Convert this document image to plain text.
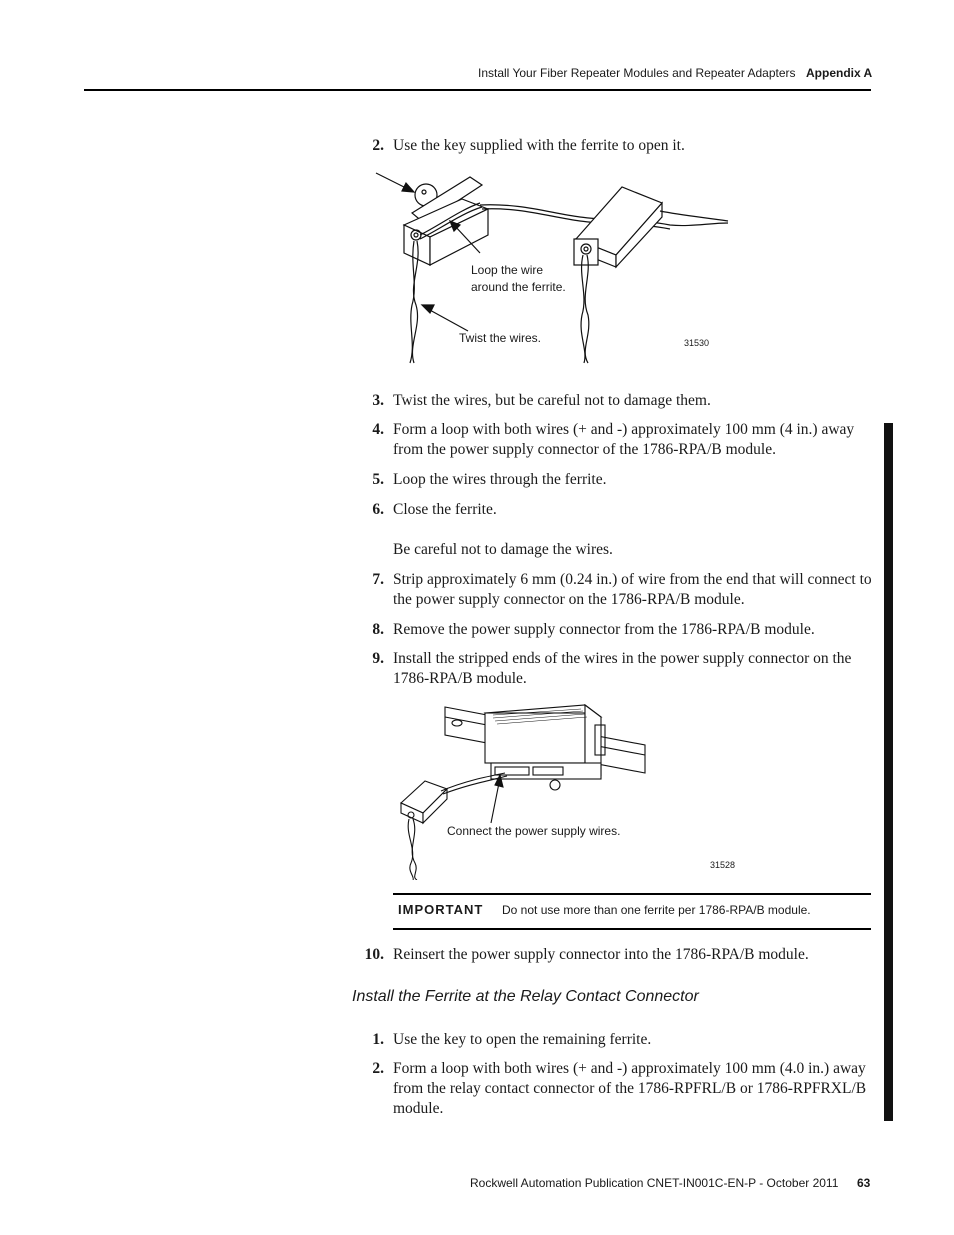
Install Your Fiber Repeater Modules and Repeater Adapters Appendix A
2. Use the key supplied with the ferrite to open it.
Loop the wire around the ferrite.
Twist the wires.	31530
3. Twist the wires, but be careful not to damage them.
4. Form a loop with both wires (+ and -) approximately 100 mm (4 in.) away from the power supply connector of the 1786-RPA/B module.
5. Loop the wires through the ferrite.
6. Close the ferrite.
Be careful not to damage the wires.
7. Strip approximately 6 mm (0.24 in.) of wire from the end that will connect to the power supply connector on the 1786-RPA/B module.
8. Remove the power supply connector from the 1786-RPA/B module.
9. Install the stripped ends of the wires in the power supply connector on the 1786-RPA/B module.
Connect the power supply wires.
31528
IMPORTANT Do not use more than one ferrite per 1786-RPA/B module.
10. Reinsert the power supply connector into the 1786-RPA/B module.
Install the Ferrite at the Relay Contact Connector
1. Use the key to open the remaining ferrite.
2. Form a loop with both wires (+ and -) approximately 100 mm (4.0 in.) away from the relay contact connector of the 1786-RPFRL/B or 1786-RPFRXL/B module.
Rockwell Automation Publication CNET-IN001C-EN-P - October 2011 63
